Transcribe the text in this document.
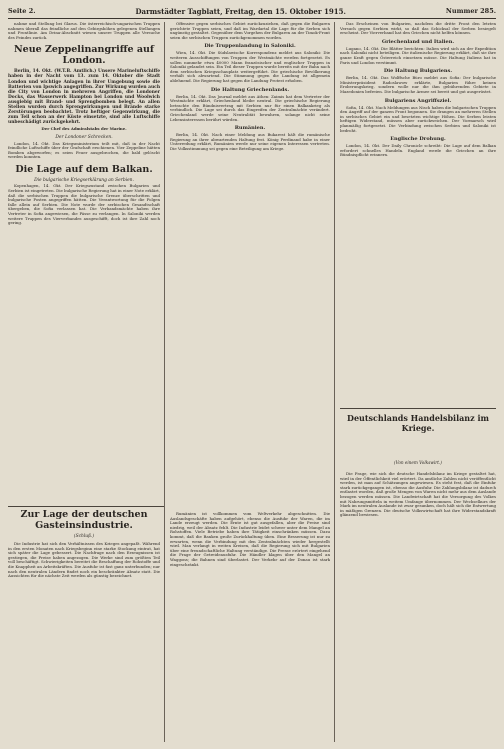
Seite 2.	Darmstädter Tagblatt, Freitag, den 15. Oktober 1915.	Nummer 285.

nahme und Stellung bei Glarus. Die österreichisch-ungarischen Truppen nahmen überall das feindliche auf den Gebirgshöhen gelegenen Stellungen und Frontlinie. Am Drina-Abschnitt wiesen unsere Truppen alle Versuche des Feindes zurück.

Neue Zeppelinangriffe auf London.

Berlin, 14. Okt. (W.T.B. Amtlich.) Unsere Marineluftschiffe haben in der Nacht vom 13. zum 14. Oktober die Stadt London und wichtige Anlagen in ihrer Umgebung sowie die Batterien von Ipswich angegriffen. Zur Wirkung wurden auch die City von London in mehreren Angriffen, die Londoner Docks, das Wasserwerk Hampton bei London und Woolwich ausgiebig mit Brand- und Sprengbomben belegt. An allen Stellen wurden durch Sprengwirkungen und Brände starke Zerstörungen beobachtet. Trotz heftiger Gegenwirkung, die zum Teil schon an der Küste einsetzte, sind alle Luftschiffe unbeschädigt zurückgekehrt.

Der Chef des Admiralstabs der Marine.

Der Londoner Schrecken.

London, 14. Okt. Das Kriegsministerium teilt mit, daß in der Nacht feindliche Luftschiffe über der Grafschaft erschienen. Vier Zeppeline hätten Bomben abgeworfen; es seien Feuer ausgebrochen, die bald gelöscht werden konnten.

Die Lage auf dem Balkan.
Die bulgarische Kriegserklärung an Serbien.

Kopenhagen, 14. Okt. Der Kriegszustand zwischen Bulgarien und Serbien ist eingetreten. Die bulgarische Regierung hat in einer Note erklärt, daß die serbischen Truppen die bulgarische Grenze überschritten und bulgarische Posten angegriffen hätten. Die Verantwortung für die Folgen falle allein auf Serbien. Die Note wurde der serbischen Gesandtschaft übergeben, die Sofia verlassen hat. Die Verbandsmächte haben ihre Vertreter in Sofia angewiesen, die Pässe zu verlangen. In Saloniki werden weitere Truppen des Vierverbandes ausgeschifft, doch ist ihre Zahl noch gering.

Offensive gegen serbisches Gebiet zurückzuziehen, daß gegen die Bulgaren gerichtete Truppen seien, und daß im Wardartal die Lage für die Serben sich ungünstig gestaltet. Gegenüber dem Vorgehen der Bulgaren an der Timok-Front seien die serbischen Truppen zurückgenommen worden.

Die Truppenlandung in Saloniki.

Wien, 14. Okt. Die Südslawische Korrespondenz meldet aus Saloniki: Die weiteren Ausschiffungen von Truppen der Westmächte werden fortgesetzt. Es sollen nunmehr etwa 40000 Mann französischer und englischer Truppen in Saloniki gelandet sein. Ein Teil dieser Truppen wurde bereits mit der Bahn nach dem serbischen Kriegsschauplatz weitergeführt. Die griechische Bevölkerung verhält sich abwartend. Die Stimmung gegen die Landung ist allgemein ablehnend. Die Regierung hat gegen die Landung Protest erhoben.

Die Haltung Griechenlands.

Berlin, 14. Okt. Das Journal meldet aus Athen: Zaimis hat dem Vertreter der Westmächte erklärt, Griechenland bleibe neutral. Die griechische Regierung betrachte den Bündnisvertrag mit Serbien nur für einen Balkankrieg als verbindlich. Die Lage sei durch das Eingreifen der Zentralmächte verändert. Griechenland werde seine Neutralität bewahren, solange nicht seine Lebensinteressen berührt würden.

Rumänien.

Berlin, 14. Okt. Nach einer Meldung aus Bukarest hält die rumänische Regierung an ihrer abwartenden Haltung fest. König Ferdinand habe in einer Unterredung erklärt, Rumänien werde nur seine eigenen Interessen vertreten. Die Volksstimmung sei gegen eine Beteiligung am Kriege.

Das Erscheinen von Bulgarien, nachdem die dritte Front den letzten Versuch gegen Serbien wirkt, so daß das Schicksal der Serben besiegelt erscheint. Der Vierverband hat den Griechen nicht helfen können.

Griechenland und Italien.

Lugano, 14. Okt. Die Blätter berichten: Italien wird sich an der Expedition nach Saloniki nicht beteiligen. Die italienische Regierung erklärt, daß sie ihre ganze Kraft gegen Österreich einsetzen müsse. Die Haltung Italiens hat in Paris und London verstimmt.

Die Haltung Bulgariens.

Berlin, 14. Okt. Das Wolffsche Büro meldet aus Sofia: Der bulgarische Ministerpräsident Radoslawow erklärte, Bulgarien führe keinen Eroberungskrieg, sondern wolle nur die ihm gebührenden Gebiete in Mazedonien befreien. Die bulgarische Armee sei bereit und gut ausgerüstet.

Bulgariens Angriffsziel.

Sofia, 14. Okt. Nach Meldungen aus Nisch haben die bulgarischen Truppen den Angriff auf der ganzen Front begonnen. Sie drangen an mehreren Stellen in serbisches Gebiet ein und besetzten wichtige Höhen. Die Serben leisten heftigen Widerstand, müssen aber zurückweichen. Der Vormarsch wird planmäßig fortgesetzt. Die Verbindung zwischen Serbien und Saloniki ist bedroht.

Englische Drohung.

London, 14. Okt. Der Daily Chronicle schreibt: Die Lage auf dem Balkan erfordert schnelles Handeln. England werde die Griechen an ihre Bündnispflicht erinnern.

Zur Lage der deutschen Gasteinsindustrie.
(Schluß.)

Die Industrie hat sich den Verhältnissen des Krieges angepaßt. Während in den ersten Monaten nach Kriegsbeginn eine starke Stockung eintrat, hat sich später die Lage gebessert. Die Nachfrage nach den Erzeugnissen ist gestiegen, die Preise haben angezogen. Die Werke sind zum größten Teil voll beschäftigt. Schwierigkeiten bereitet die Beschaffung der Rohstoffe und die Knappheit an Arbeitskräften. Die Ausfuhr ist fast ganz unterbunden; nur nach den neutralen Ländern findet noch ein beschränkter Absatz statt. Die Aussichten für die nächste Zeit werden als günstig bezeichnet.

Rumänien ist vollkommen vom Weltverkehr abgeschnitten. Die Auslandsgeschäfte haben aufgehört, ebenso die Ausfuhr der Waren, die im Lande erzeugt werden. Die Ernte ist gut ausgefallen, aber die Preise sind niedrig, weil der Absatz fehlt. Die Industrie leidet schwer unter dem Mangel an Rohstoffen. Viele Betriebe haben ihre Tätigkeit einschränken müssen. Dazu kommt, daß die Banken große Zurückhaltung üben. Eine Besserung ist nur zu erwarten, wenn die Verbindung mit den Zentralmächten wieder hergestellt wird. Man verlangt in weiten Kreisen, daß die Regierung sich mit Bulgarien über eine freundschaftliche Haltung verständige. Die Presse erörtert eingehend die Frage der Getreideausfuhr. Die Händler klagen über den Mangel an Waggons; die Bahnen sind überlastet. Der Verkehr auf der Donau ist stark eingeschränkt.

Deutschlands Handelsbilanz im Kriege.
(Von einem Volkswirt.)

Die Frage, wie sich die deutsche Handelsbilanz im Kriege gestaltet hat, wird in der Öffentlichkeit viel erörtert. Da amtliche Zahlen nicht veröffentlicht werden, ist man auf Schätzungen angewiesen. Es steht fest, daß die Einfuhr stark zurückgegangen ist, ebenso die Ausfuhr. Die Zahlungsbilanz ist dadurch entlastet worden, daß große Mengen von Waren nicht mehr aus dem Auslande bezogen werden müssen. Die Landwirtschaft hat die Versorgung des Volkes mit Nahrungsmitteln in weitem Umfange übernommen. Der Wechselkurs der Mark im neutralen Auslande ist zwar gesunken, doch hält sich die Entwertung in mäßigen Grenzen. Die deutsche Volkswirtschaft hat ihre Widerstandskraft glänzend bewiesen.
